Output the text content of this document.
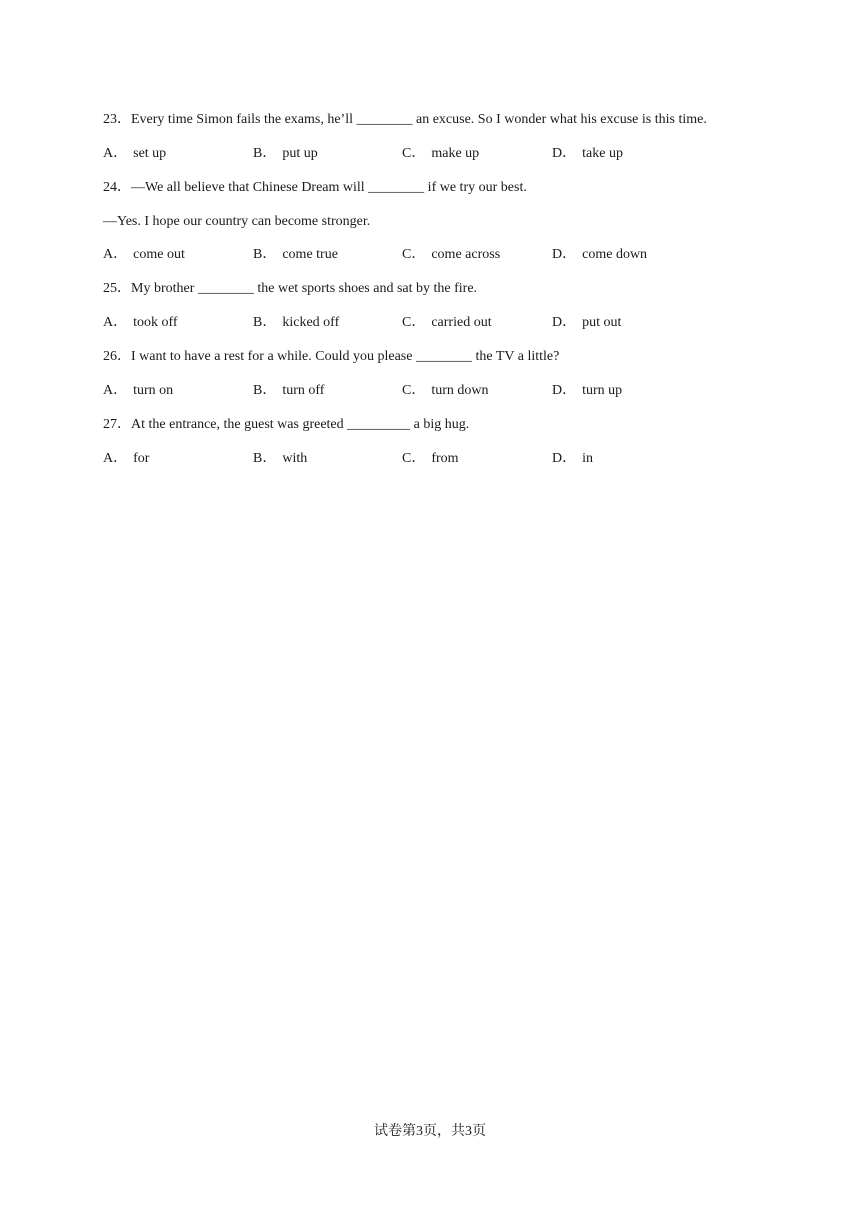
23．Every time Simon fails the exams, he’ll ________ an excuse. So I wonder what his excuse is this time.
A． set up	B． put up	C． make up	D． take up
24．—We all believe that Chinese Dream will ________ if we try our best.
—Yes. I hope our country can become stronger.
A． come out	B． come true	C． come across	D． come down
25．My brother ________ the wet sports shoes and sat by the fire.
A． took off	B． kicked off	C． carried out	D． put out
26．I want to have a rest for a while. Could you please ________ the TV a little?
A． turn on	B． turn off	C． turn down	D． turn up
27．At the entrance, the guest was greeted _________ a big hug.
A． for	B． with	C． from	D． in
试卷第3页，共3页
